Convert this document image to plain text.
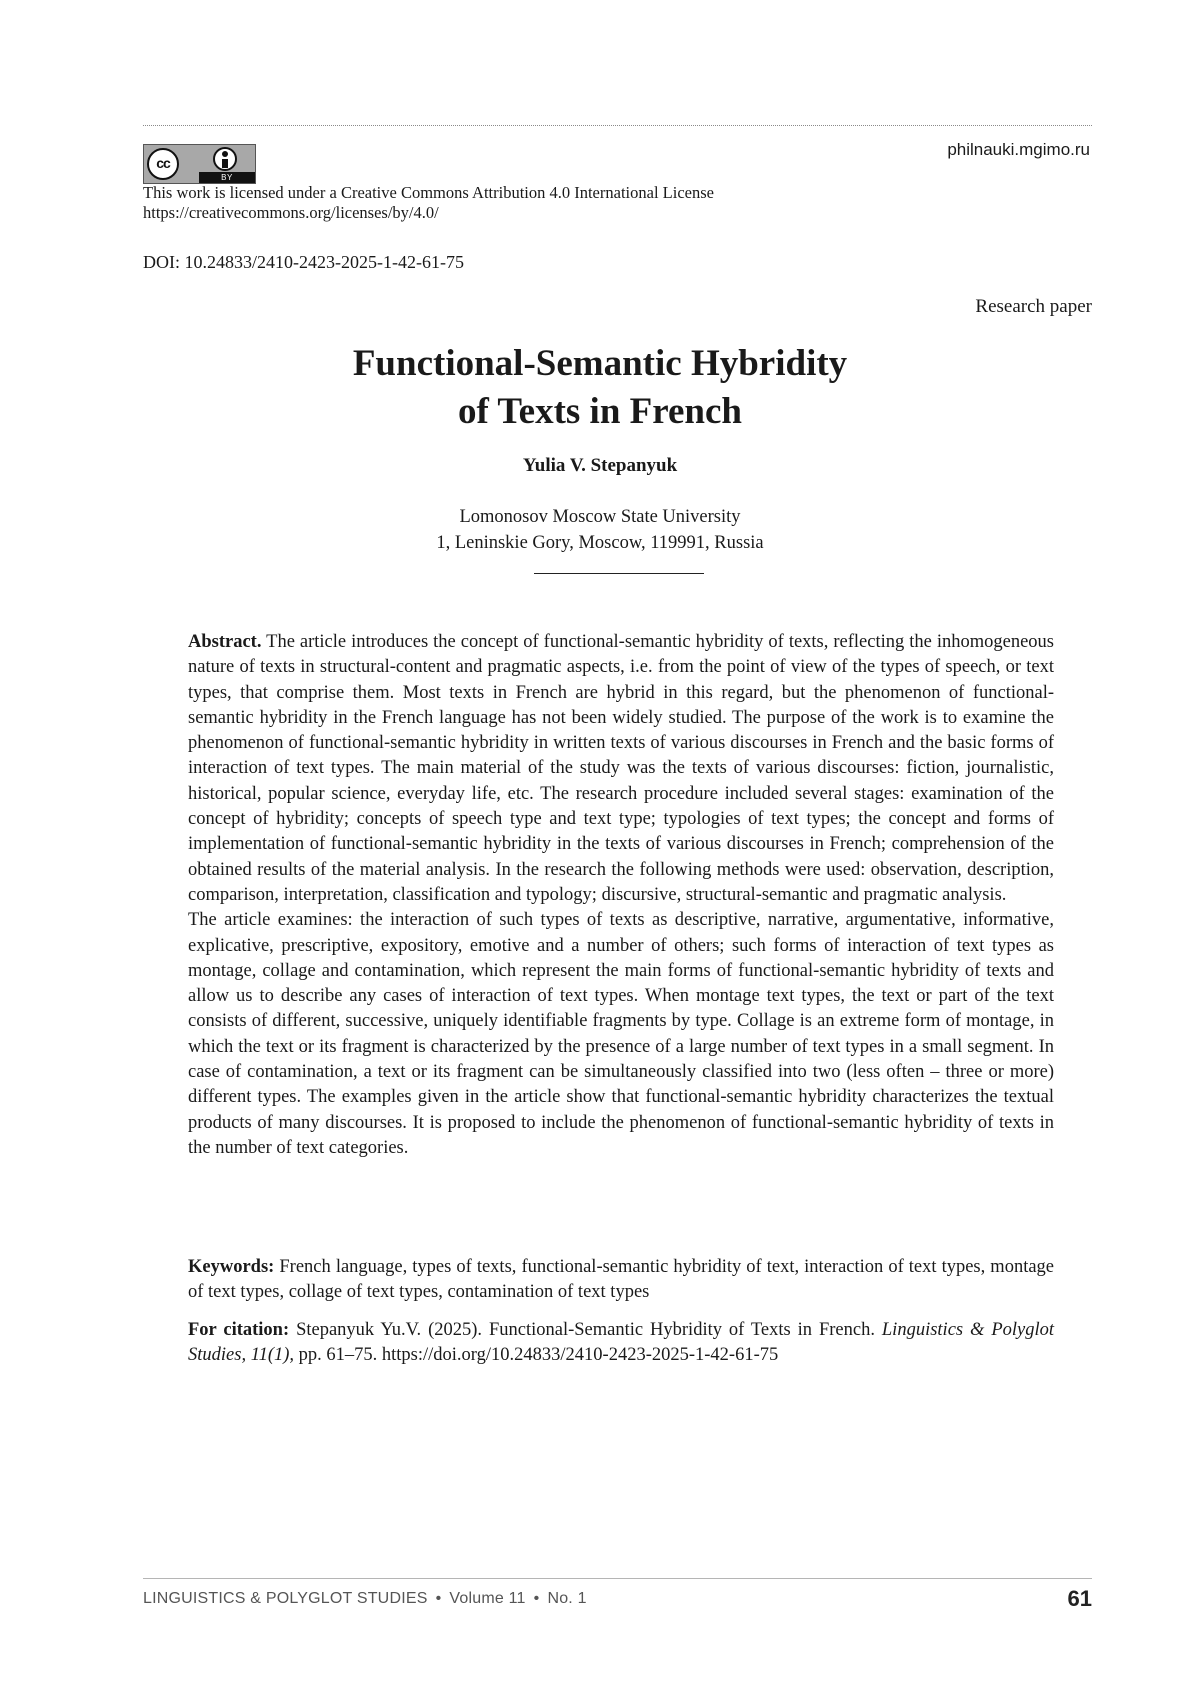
cc
BY
philnauki.mgimo.ru
This work is licensed under a Creative Commons Attribution 4.0 International License
https://creativecommons.org/licenses/by/4.0/
DOI: 10.24833/2410-2423-2025-1-42-61-75
Research paper
Functional-Semantic Hybridity
of Texts in French
Yulia V. Stepanyuk
Lomonosov Moscow State University
1, Leninskie Gory, Moscow, 119991, Russia

Abstract. The article introduces the concept of functional-semantic hybridity of texts, reflecting the inhomogeneous nature of texts in structural-content and pragmatic aspects, i.e. from the point of view of the types of speech, or text types, that comprise them. Most texts in French are hybrid in this regard, but the phenomenon of functional-semantic hybridity in the French language has not been widely studied. The purpose of the work is to examine the phenomenon of functional-semantic hybridity in written texts of various discourses in French and the basic forms of interaction of text types. The main material of the study was the texts of various discourses: fiction, journalistic, historical, popular science, everyday life, etc. The research procedure included several stages: examination of the concept of hybridity; concepts of speech type and text type; typologies of text types; the concept and forms of implementation of functional-semantic hybridity in the texts of various discourses in French; comprehension of the obtained results of the material analysis. In the research the following methods were used: observation, description, comparison, interpretation, classification and typology; discursive, structural-semantic and pragmatic analysis.

The article examines: the interaction of such types of texts as descriptive, narrative, argumentative, informative, explicative, prescriptive, expository, emotive and a number of others; such forms of interaction of text types as montage, collage and contamination, which represent the main forms of functional-semantic hybridity of texts and allow us to describe any cases of interaction of text types. When montage text types, the text or part of the text consists of different, successive, uniquely identifiable fragments by type. Collage is an extreme form of montage, in which the text or its fragment is characterized by the presence of a large number of text types in a small segment. In case of contamination, a text or its fragment can be simultaneously classified into two (less often – three or more) different types. The examples given in the article show that functional-semantic hybridity characterizes the textual products of many discourses. It is proposed to include the phenomenon of functional-semantic hybridity of texts in the number of text categories.

Keywords: French language, types of texts, functional-semantic hybridity of text, interaction of text types, montage of text types, collage of text types, contamination of text types
For citation: Stepanyuk Yu.V. (2025). Functional-Semantic Hybridity of Texts in French. Linguistics & Polyglot Studies, 11(1), pp. 61–75. https://doi.org/10.24833/2410-2423-2025-1-42-61-75
LINGUISTICS & POLYGLOT STUDIES • Volume 11 • No. 1	61
